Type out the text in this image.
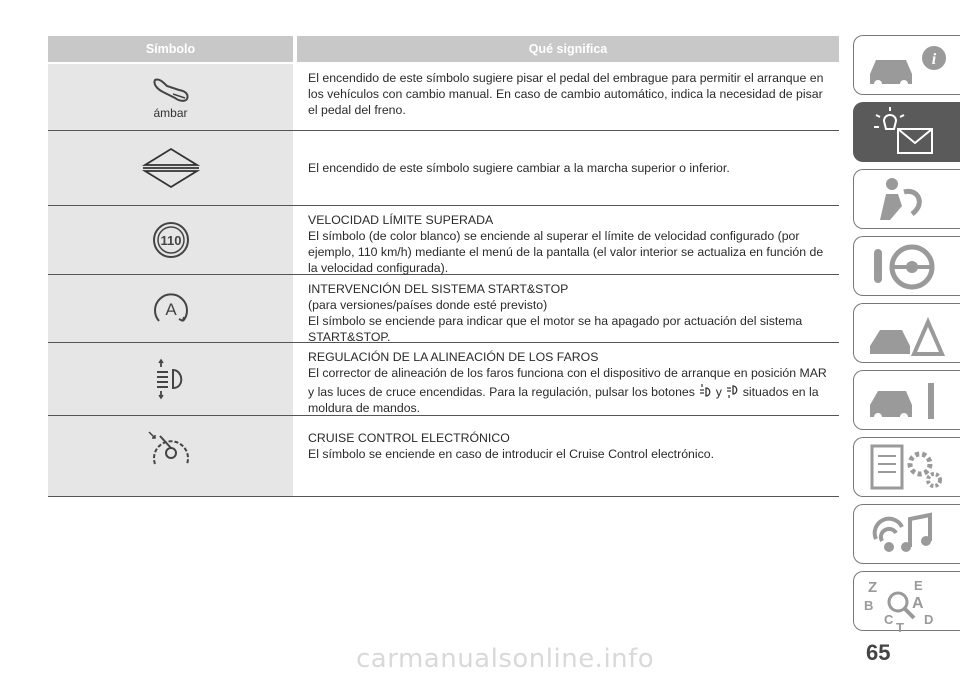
Símbolo	Qué significa
ámbar

El encendido de este símbolo sugiere pisar el pedal del embrague para permitir el arranque en los vehículos con cambio manual. En caso de cambio automático, indica la necesidad de pisar el pedal del freno.

El encendido de este símbolo sugiere cambiar a la marcha superior o inferior.

110

VELOCIDAD LÍMITE SUPERADA

El símbolo (de color blanco) se enciende al superar el límite de velocidad configurado (por ejemplo, 110 km/h) mediante el menú de la pantalla (el valor interior se actualiza en función de la velocidad configurada).

A

INTERVENCIÓN DEL SISTEMA START&STOP

(para versiones/países donde esté previsto)

El símbolo se enciende para indicar que el motor se ha apagado por actuación del sistema START&STOP.

REGULACIÓN DE LA ALINEACIÓN DE LOS FAROS

El corrector de alineación de los faros funciona con el dispositivo de arranque en posición MAR

y las luces de cruce encendidas. Para la regulación, pulsar los botones y situados en la moldura de mandos.

CRUISE CONTROL ELECTRÓNICO

El símbolo se enciende en caso de introducir el Cruise Control electrónico.

i
Z	E
A
B
C
T
D
65
carmanualsonline.info
